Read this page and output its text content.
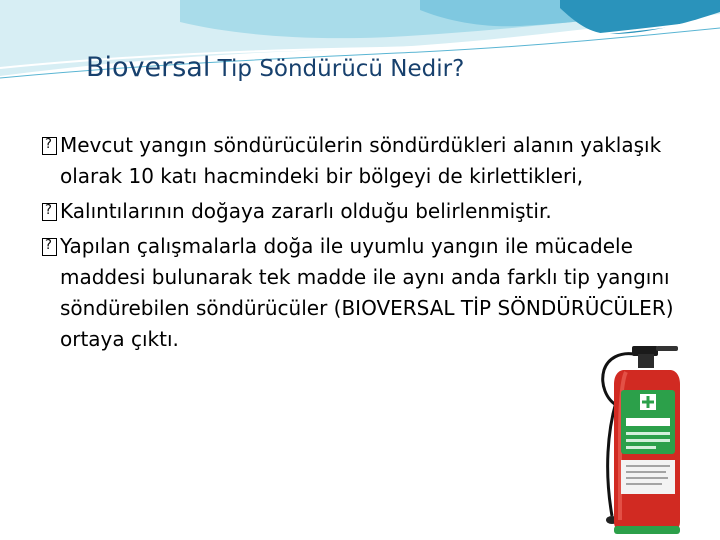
Bioversal Tip Söndürücü Nedir?

?
Mevcut yangın söndürücülerin söndürdükleri alanın yaklaşık olarak 10 katı hacmindeki bir bölgeyi de kirlettikleri,

?
Kalıntılarının doğaya zararlı olduğu belirlenmiştir.

?
Yapılan çalışmalarla doğa ile uyumlu yangın ile mücadele maddesi bulunarak tek madde ile aynı anda farklı tip yangını söndürebilen söndürücüler (BIOVERSAL TİP SÖNDÜRÜCÜLER) ortaya çıktı.
